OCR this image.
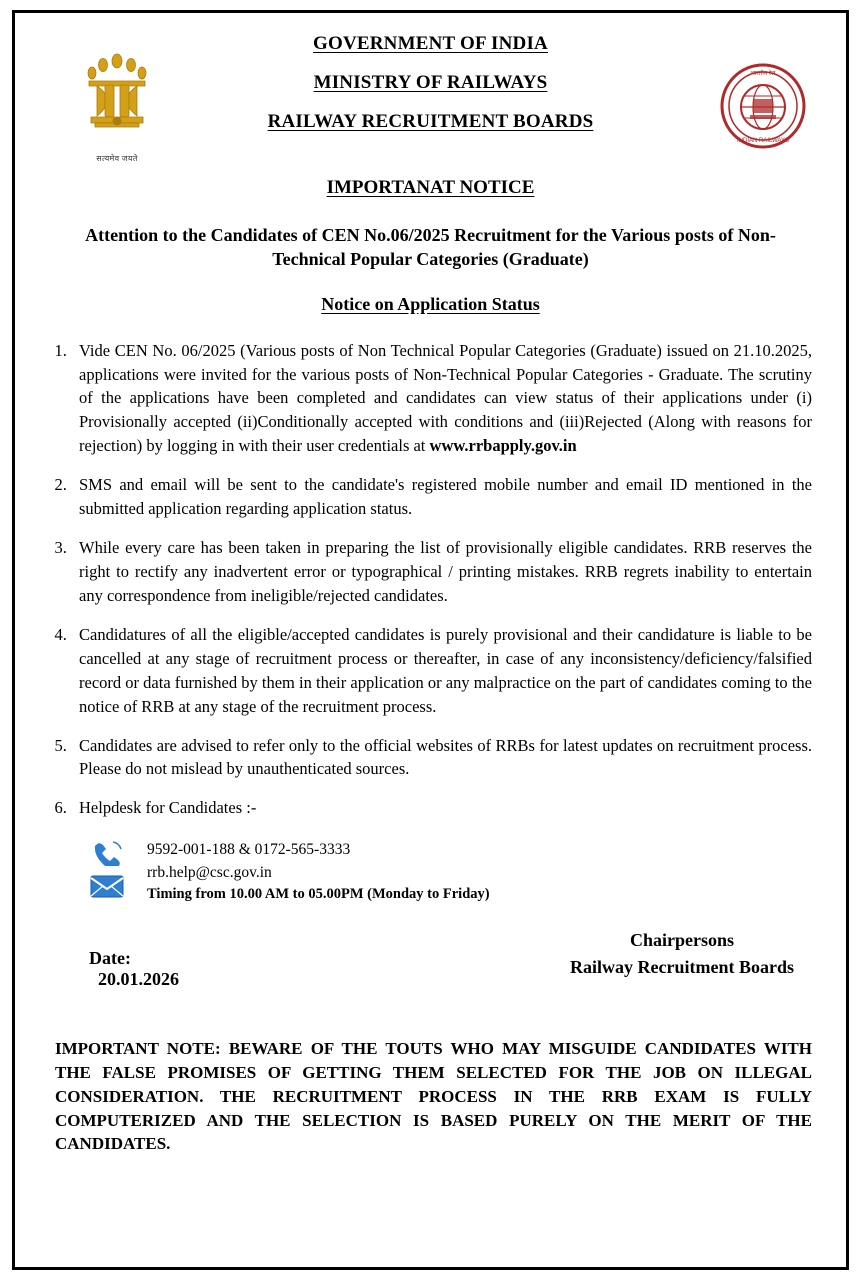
सत्यमेव जयते
GOVERNMENT OF INDIA
MINISTRY OF RAILWAYS
RAILWAY RECRUITMENT BOARDS
भारतीय रेल
INDIAN RAILWAYS
IMPORTANAT NOTICE
Attention to the Candidates of CEN No.06/2025 Recruitment for the Various posts of Non-Technical Popular Categories (Graduate)
Notice on Application Status
1. Vide CEN No. 06/2025 (Various posts of Non Technical Popular Categories (Graduate) issued on 21.10.2025, applications were invited for the various posts of Non-Technical Popular Categories - Graduate. The scrutiny of the applications have been completed and candidates can view status of their applications under (i) Provisionally accepted (ii)Conditionally accepted with conditions and (iii)Rejected (Along with reasons for rejection) by logging in with their user credentials at www.rrbapply.gov.in
2. SMS and email will be sent to the candidate's registered mobile number and email ID mentioned in the submitted application regarding application status.
3. While every care has been taken in preparing the list of provisionally eligible candidates. RRB reserves the right to rectify any inadvertent error or typographical / printing mistakes. RRB regrets inability to entertain any correspondence from ineligible/rejected candidates.
4. Candidatures of all the eligible/accepted candidates is purely provisional and their candidature is liable to be cancelled at any stage of recruitment process or thereafter, in case of any inconsistency/deficiency/falsified record or data furnished by them in their application or any malpractice on the part of candidates coming to the notice of RRB at any stage of the recruitment process.
5. Candidates are advised to refer only to the official websites of RRBs for latest updates on recruitment process. Please do not mislead by unauthenticated sources.
6. Helpdesk for Candidates :-
9592-001-188 & 0172-565-3333
rrb.help@csc.gov.in
Timing from 10.00 AM to 05.00PM (Monday to Friday)

Date:
20.01.2026

Chairpersons
Railway Recruitment Boards
IMPORTANT NOTE: BEWARE OF THE TOUTS WHO MAY MISGUIDE CANDIDATES WITH THE FALSE PROMISES OF GETTING THEM SELECTED FOR THE JOB ON ILLEGAL CONSIDERATION. THE RECRUITMENT PROCESS IN THE RRB EXAM IS FULLY COMPUTERIZED AND THE SELECTION IS BASED PURELY ON THE MERIT OF THE CANDIDATES.
